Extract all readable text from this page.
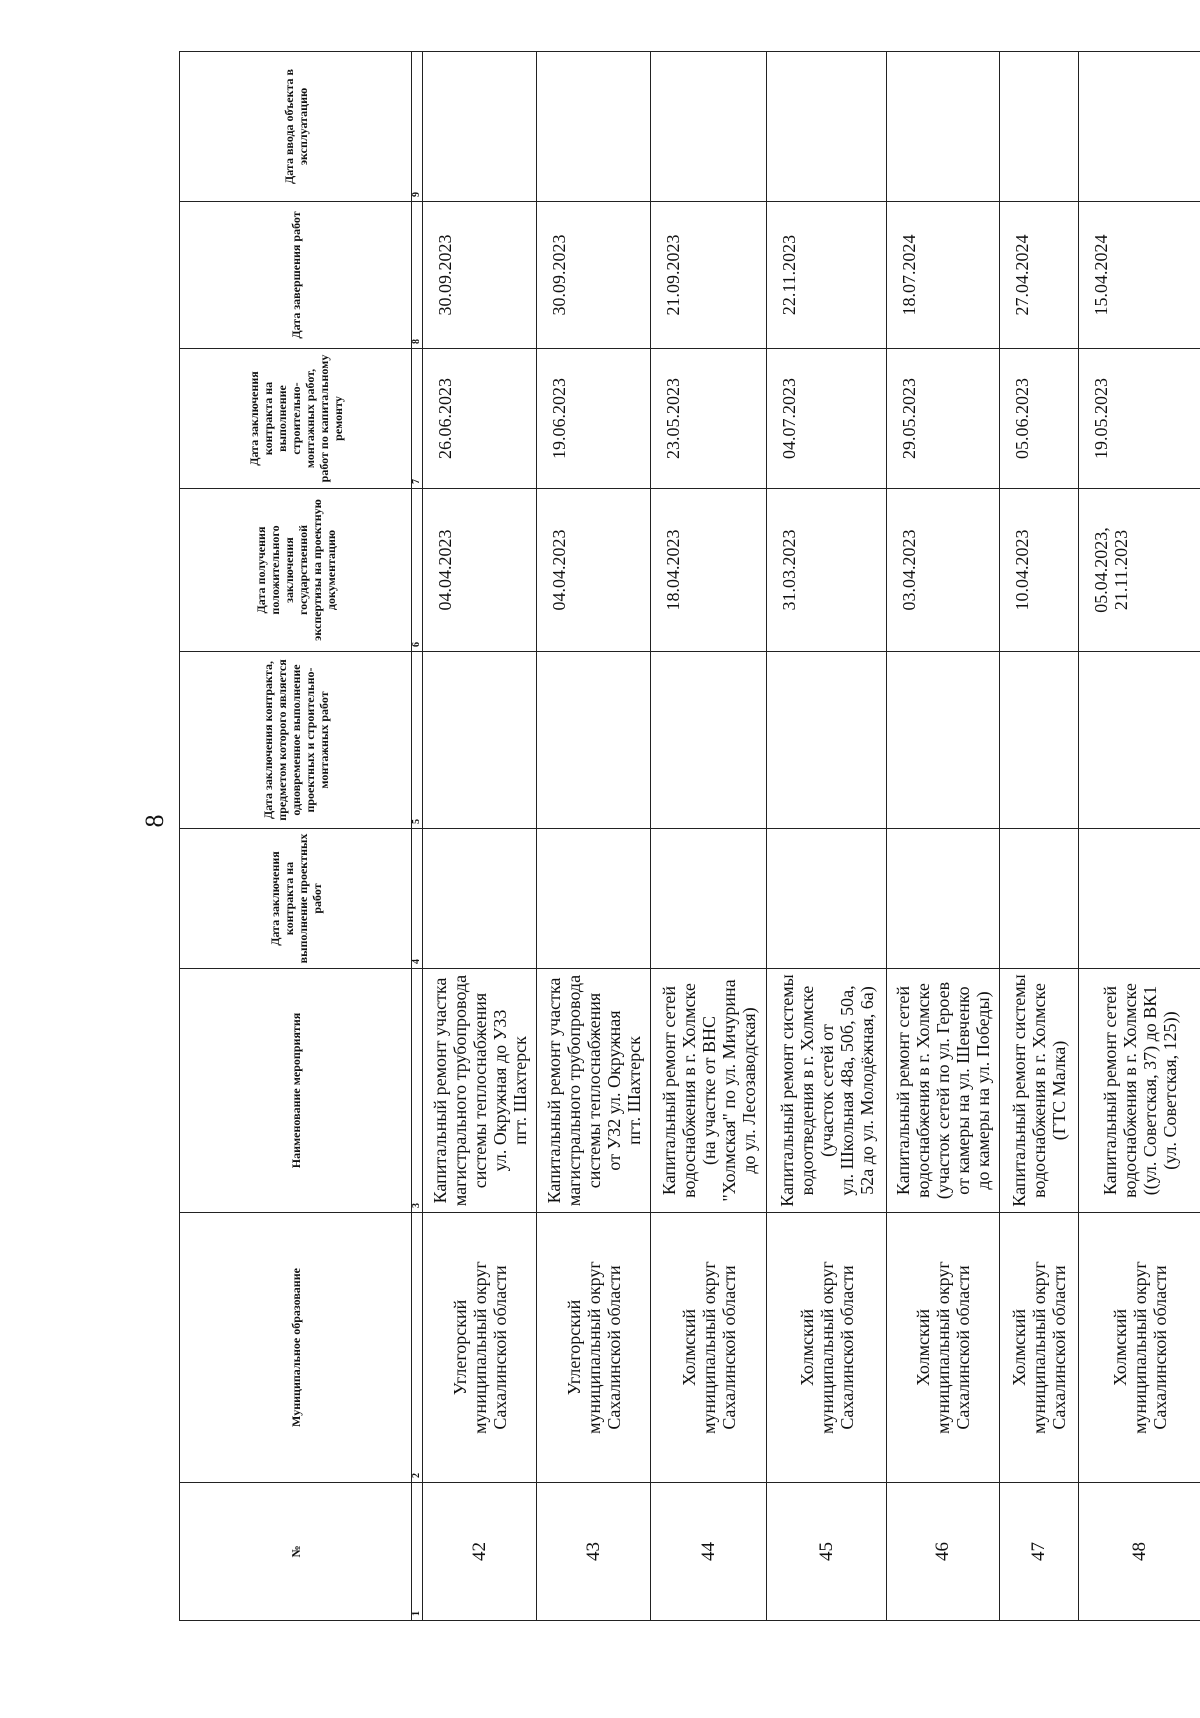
8
№	Муниципальное образование	Наименование мероприятия	Дата заключения контракта на выполнение проектных работ	Дата заключения контракта, предметом которого является одновременное выполнение проектных и строительно-монтажных работ	Дата получения положительного заключения государственной экспертизы на проектную документацию	Дата заключения контракта на выполнение строительно-монтажных работ, работ по капитальному ремонту	Дата завершения работ	Дата ввода объекта в эксплуатацию
1	2	3	4	5	6	7	8	9
42	Углегорский
муниципальный округ
Сахалинской области	Капитальный ремонт участка
магистрального трубопровода
системы теплоснабжения
ул. Окружная до У33
пгт. Шахтерск			04.04.2023	26.06.2023	30.09.2023	
43	Углегорский
муниципальный округ
Сахалинской области	Капитальный ремонт участка
магистрального трубопровода
системы теплоснабжения
от У32 ул. Окружная
пгт. Шахтерск			04.04.2023	19.06.2023	30.09.2023	
44	Холмский
муниципальный округ
Сахалинской области	Капитальный ремонт сетей
водоснабжения в г. Холмске
(на участке от ВНС
"Холмская" по ул. Мичурина
до ул. Лесозаводская)			18.04.2023	23.05.2023	21.09.2023	
45	Холмский
муниципальный округ
Сахалинской области	Капитальный ремонт системы
водоотведения в г. Холмске
(участок сетей от
ул. Школьная 48а, 50б, 50а,
52а до ул. Молодёжная, 6а)			31.03.2023	04.07.2023	22.11.2023	
46	Холмский
муниципальный округ
Сахалинской области	Капитальный ремонт сетей
водоснабжения в г. Холмске
(участок сетей по ул. Героев
от камеры на ул. Шевченко
до камеры на ул. Победы)			03.04.2023	29.05.2023	18.07.2024	
47	Холмский
муниципальный округ
Сахалинской области	Капитальный ремонт системы
водоснабжения в г. Холмске
(ГТС Малка)			10.04.2023	05.06.2023	27.04.2024	
48	Холмский
муниципальный округ
Сахалинской области	Капитальный ремонт сетей
водоснабжения в г. Холмске
((ул. Советская, 37) до ВК1
(ул. Советская, 125))			05.04.2023,
21.11.2023	19.05.2023	15.04.2024	
